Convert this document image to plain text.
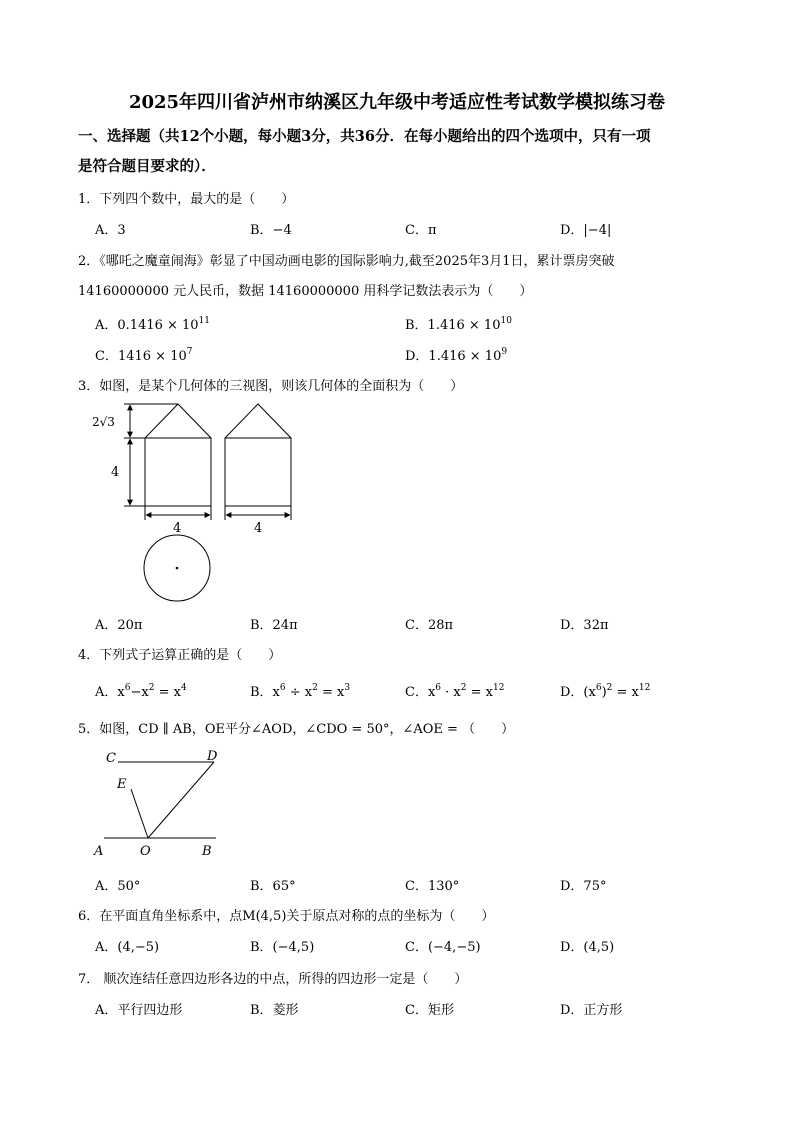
2025年四川省泸州市纳溪区九年级中考适应性考试数学模拟练习卷
一、选择题（共12个小题，每小题3分，共36分．在每小题给出的四个选项中，只有一项
是符合题目要求的）．
1．下列四个数中，最大的是（　　）
A．3	B．−4	C．π	D．|−4|
2．《哪吒之魔童闹海》彰显了中国动画电影的国际影响力,截至2025年3月1日，累计票房突破
14160000000 元人民币，数据 14160000000 用科学记数法表示为（　　）
A．$0.1416 \times 10^{11}$	B．$1.416 \times 10^{10}$
C．$1416 \times 10^7$	D．$1.416 \times 10^9$
3．如图，是某个几何体的三视图，则该几何体的全面积为（　　）
2√3
4
4	4
A．20π	B．24π	C．28π	D．32π
4．下列式子运算正确的是（　　）
A．$x^6-x^2 = x^4$	B．$x^6 \div x^2 = x^3$	C．$x^6 \cdot x^2 = x^{12}$	D．$(x^6)^2 = x^{12}$
5．如图，CD ∥ AB，OE平分∠AOD，∠CDO = 50°，∠AOE = （　　）
C	D
E
A	O	B
A．50°	B．65°	C．130°	D．75°
6．在平面直角坐标系中，点M(4,5)关于原点对称的点的坐标为（　　）
A．(4,−5)	B．(−4,5)	C．(−4,−5)	D．(4,5)
7． 顺次连结任意四边形各边的中点，所得的四边形一定是（　　）
A．平行四边形	B．菱形	C．矩形	D．正方形
